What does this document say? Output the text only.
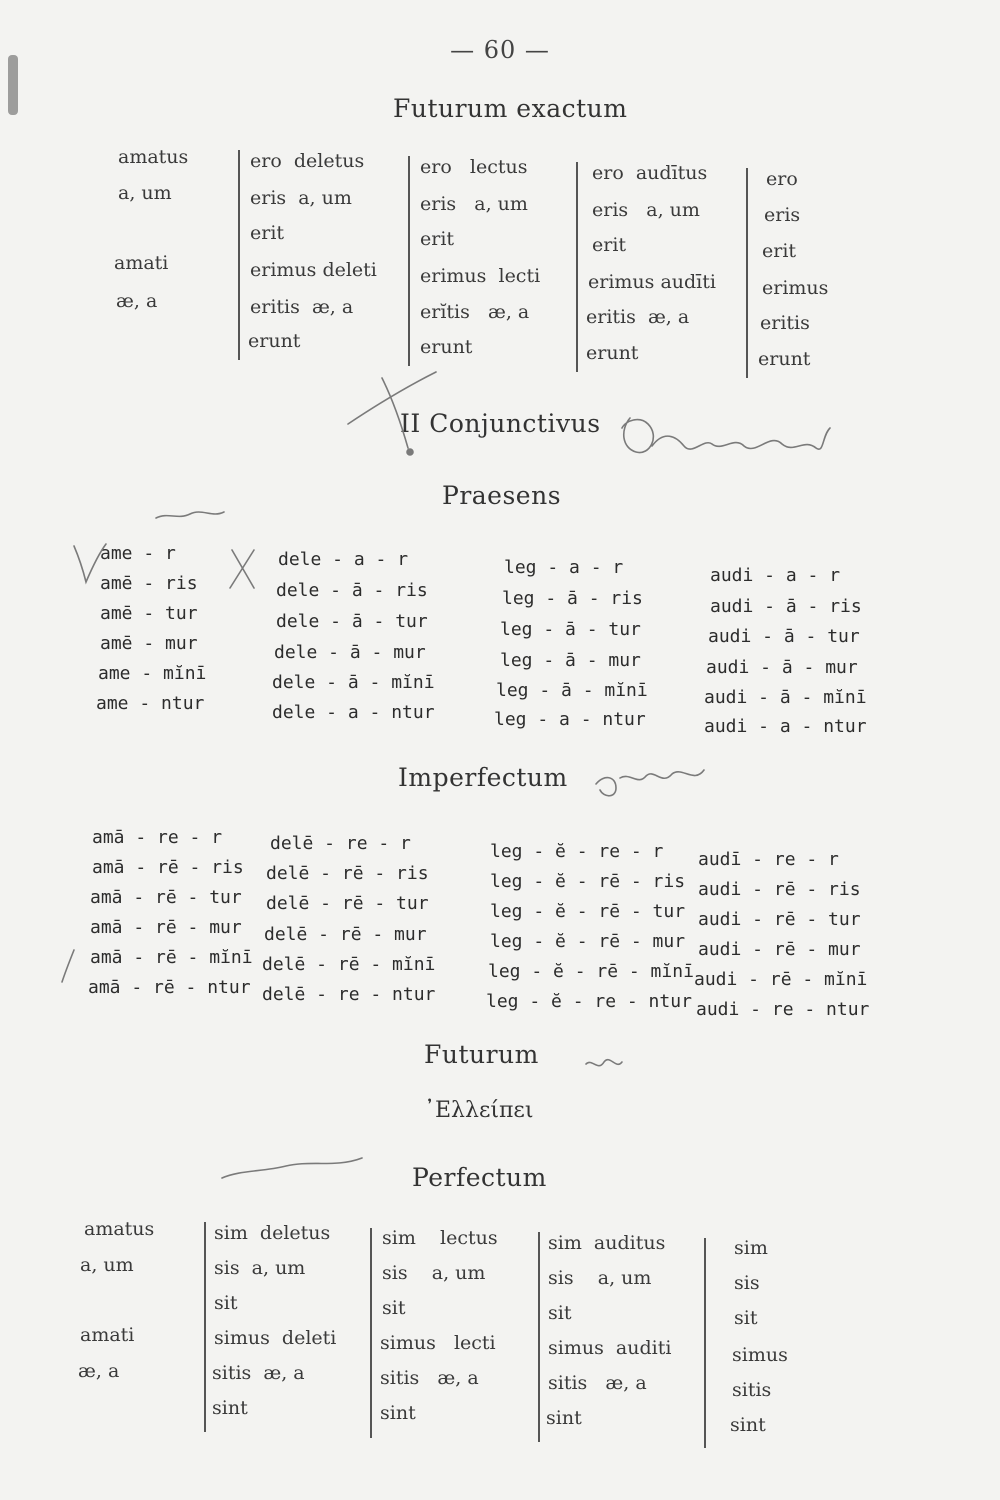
— 60 —
Futurum exactum
amatus
a, um
amati
æ, a
ero  deletus
eris  a, um
erit
erimus deleti
eritis  æ, a
erunt
ero   lectus
eris   a, um
erit
erimus  lecti
erĭtis   æ, a
erunt
ero  audītus
eris   a, um
erit
erimus audīti
eritis  æ, a
erunt
ero
eris
erit
erimus
eritis
erunt
II Conjunctivus
Praesens
ame - r
amē - ris
amē - tur
amē - mur
ame - mĭnī
ame - ntur
dele - a - r
dele - ā - ris
dele - ā - tur
dele - ā - mur
dele - ā - mĭnī
dele - a - ntur
leg - a - r
leg - ā - ris
leg - ā - tur
leg - ā - mur
leg - ā - mĭnī
leg - a - ntur
audi - a - r
audi - ā - ris
audi - ā - tur
audi - ā - mur
audi - ā - mĭnī
audi - a - ntur
Imperfectum
amā - re - r
amā - rē - ris
amā - rē - tur
amā - rē - mur
amā - rē - mĭnī
amā - rē - ntur
delē - re - r
delē - rē - ris
delē - rē - tur
delē - rē - mur
delē - rē - mĭnī
delē - re - ntur
leg - ĕ - re - r
leg - ĕ - rē - ris
leg - ĕ - rē - tur
leg - ĕ - rē - mur
leg - ĕ - rē - mĭnī
leg - ĕ - re - ntur
audī - re - r
audi - rē - ris
audi - rē - tur
audi - rē - mur
audi - rē - mĭnī
audi - re - ntur
Futurum
᾽Ελλείπει
Perfectum
amatus
a, um
amati
æ, a
sim  deletus
sis  a, um
sit
simus  deleti
sitis  æ, a
sint
sim    lectus
sis    a, um
sit
simus   lecti
sitis   æ, a
sint
sim  auditus
sis    a, um
sit
simus  auditi
sitis   æ, a
sint
sim
sis
sit
simus
sitis
sint
